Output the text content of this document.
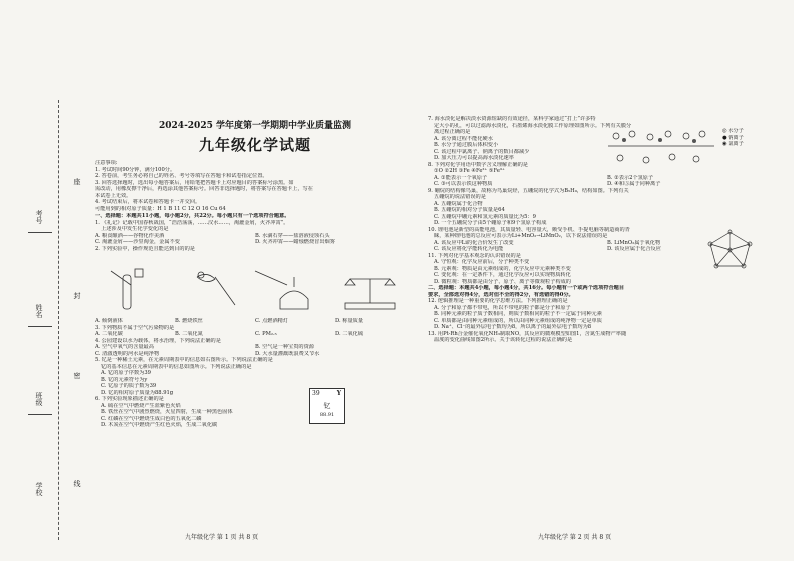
考号
姓名
班级
学校
座
封
密
线
2024-2025 学年度第一学期期中学业质量监测
九年级化学试题
注意事项:
1. 考试时间90分钟，满分100分。
2. 答卷前，考生务必将自己的姓名、考号等填写在答题卡和试卷指定位置。
3. 回答选择题时，选出每小题答案后，用铅笔把答题卡上对应题目的答案标号涂黑。如
需改动，用橡皮擦干净后，再选涂其他答案标号。回答非选择题时，将答案写在答题卡上，写在
本试卷上无效。
4. 考试结束后，将本试卷和答题卡一并交回。
可能用到的相对原子质量：H 1 B 11 C 12 O 16 Cu 64
一、选择题：本题共11小题，每小题2分，共22分。每小题只有一个选项符合题意。
1. 《礼记》记载中国春秋战国，“浩浩荡荡，……汉水……，淘漉金屑，火齐冲霄”。
上述涉及中发生化学变化的是
A. 粮食酿酒——谷物化作美酒	B. 水滴石穿——盐溶液侵蚀石头
C. 淘漉金屑——沙里淘金，金属不变	D. 火齐冲霄——蜡烛燃烧冒出烟雾
2. 下列实验中，操作规范且能达到目的的是
A. 倾倒液体	B. 燃烧铁丝	C. 点燃酒精灯	D. 称量质量
3. 下列物质不属于空气污染物的是
A. 二氧化碳	B. 二氧化氮	C. PM₂.₅	D. 二氧化硫
4. 公园建设以水为载体，将水治理，下列说法正确的是
A. 空气中氧气的含量最高	B. 空气是一种宝贵的资源
C. 清澈透明的河水是纯净物	D. 大水量灌溉既浪费又节水
5. 钇是一种稀土元素，在元素周期表中的信息如右图所示。下列说法正确的是
钇的基本信息在元素周期表中的信息如图所示。下列说法正确的是
A. 钇的原子序数为39
B. 钇的元素符号为y
C. 钇原子的质子数为39
D. 钇的相对原子质量为88.91g
6. 下列实验现象描述正确的是
A. 硫在空气中燃烧产生蓝紫色火焰
B. 铁丝在空气中剧烈燃烧，火星四射，生成一种黑色固体
C. 红磷在空气中燃烧生成白色的五氧化二磷
D. 木炭在空气中燃烧产生红色火焰，生成二氧化碳
39	Y
钇
88.91
九年级化学 第 1 页 共 8 页
7. 海水淡化是解决淡水资源短缺的有效途径，某科学家通过“打上”许多特
定大小的孔，可以过滤海水淡化，石墨烯海水淡化膜工作原理如图所示。下列有关膜分
离过程正确的是
A. 该分离过程不能化硬水
B. 水分子通过膜后体积变小
C. 该过程中氯离子、钠离子的数目都减少
D. 加大压力可以提高海水淡化速率
8. 下列对化学用语中数字含义理解正确的是
①O ②2H ③Fe ④Fe²⁺ ⑤Fe³⁺
A. ①能表示一个氧原子	B. ②表示2个氢原子
C. ③可以表示铁这种物质	D. ④和⑤属于同种离子
9. 硼烷的结构像鸟巢，故称为鸟巢烷烃，五硼烷的化学式为B₅H₉，结构如图。下列有关
五硼烷的说法错误的是
A. 五硼烷属于化合物
B. 五硼烷的相对分子质量是64
C. 五硼烷中硼元素和氢元素的质量比为5：9
D. 一个五硼烷分子由5个硼原子和9个氢原子构成
10. 锂电池是新型的高能电池，其质量轻、电容量大，颇受手机、手提电脑等制造商的青
睐，某种锂电池的总反应可表示为Li+MnO₂→LiMnO₂，以下说法错误的是
A. 该反应中Li的化合价发生了改变	B. LiMnO₂属于氧化物
C. 该反应将化学能转化为电能	D. 该反应属于化合反应
11. 下列对化学基本观念的认识错误的是
A. 守恒观：化学反应前后，分子种类不变
B. 元素观：物质是由元素组成的，化学反应中元素种类不变
C. 变化观：在一定条件下，通过化学反应可以实现物质转化
D. 微粒观：物质都是由分子、原子、离子等微观粒子构成的
二、选择题：本题共4小题，每小题4分，共16分。每小题有一个或两个选项符合题目
要求，全部选对得4分，选对但不全的得2分，有选错的得0分。
12. 逻辑推理是一种重要的化学思维方法。下列推理正确的是
A. 分子和原子都不带电，所以不带电的粒子都是分子和原子
B. 同种元素的粒子质子数相同，则质子数相同的粒子不一定属于同种元素
C. 单质都是由同种元素组成的，所以由同种元素组成的纯净物一定是单质
D. Na⁺、Cl⁻的最外层电子数均为8，所以离子的最外层电子数均为8
13. 用Pt-Rh合金催化氧化NH₃制取NO，其反应的微观模型如图1，含氮生成物产率随
温度的变化曲线如图2所示。关于该转化过程的说法正确的是
◎ 水分子
● 钠离子
◉ 氯离子
九年级化学 第 2 页 共 8 页
